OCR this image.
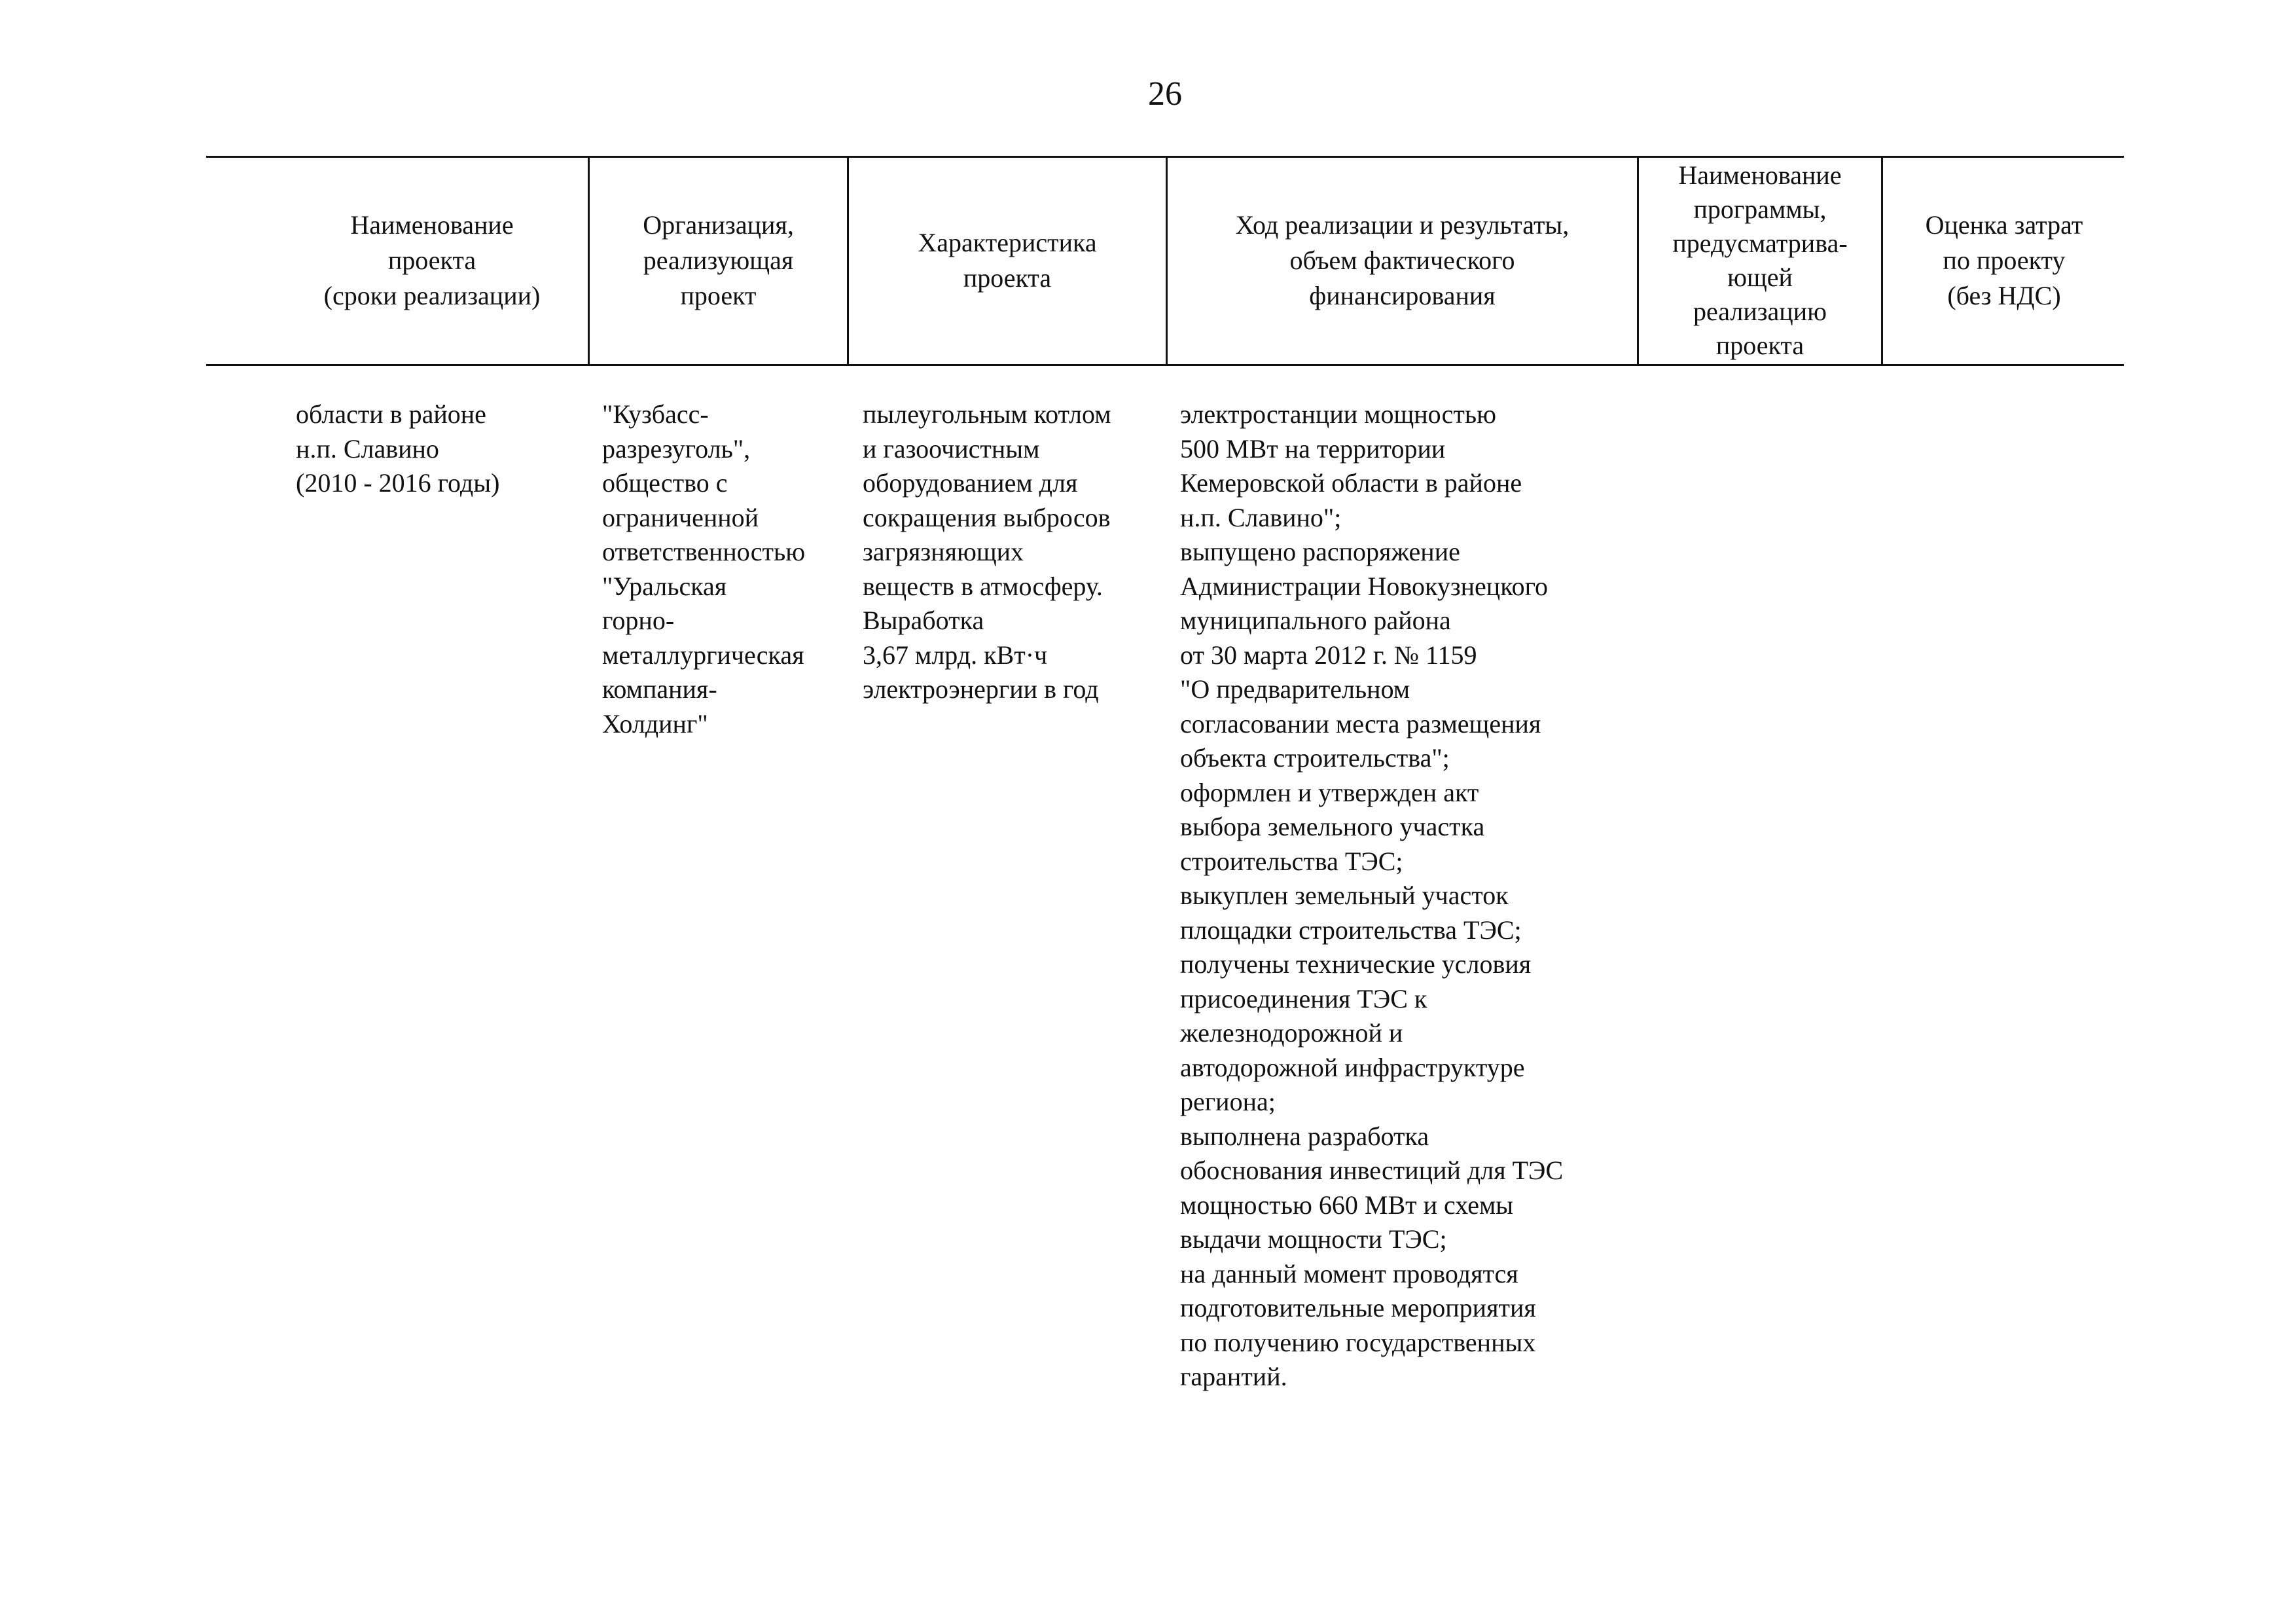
26
Наименование
проекта
(сроки реализации)
Организация,
реализующая
проект
Характеристика
проекта
Ход реализации и результаты,
объем фактического
финансирования
Наименование
программы,
предусматрива-
ющей
реализацию
проекта
Оценка затрат
по проекту
(без НДС)
области в районе
н.п. Славино
(2010 - 2016 годы)
"Кузбасс-
разрезуголь",
общество с
ограниченной
ответственностью
"Уральская
горно-
металлургическая
компания-
Холдинг"
пылеугольным котлом
и газоочистным
оборудованием для
сокращения выбросов
загрязняющих
веществ в атмосферу.
Выработка
3,67 млрд. кВт·ч
электроэнергии в год
электростанции мощностью
500 МВт на территории
Кемеровской области в районе
н.п. Славино";
выпущено распоряжение
Администрации Новокузнецкого
муниципального района
от 30 марта 2012 г. № 1159
"О предварительном
согласовании места размещения
объекта строительства";
оформлен и утвержден акт
выбора земельного участка
строительства ТЭС;
выкуплен земельный участок
площадки строительства ТЭС;
получены технические условия
присоединения ТЭС к
железнодорожной и
автодорожной инфраструктуре
региона;
выполнена разработка
обоснования инвестиций для ТЭС
мощностью 660 МВт и схемы
выдачи мощности ТЭС;
на данный момент проводятся
подготовительные мероприятия
по получению государственных
гарантий.
